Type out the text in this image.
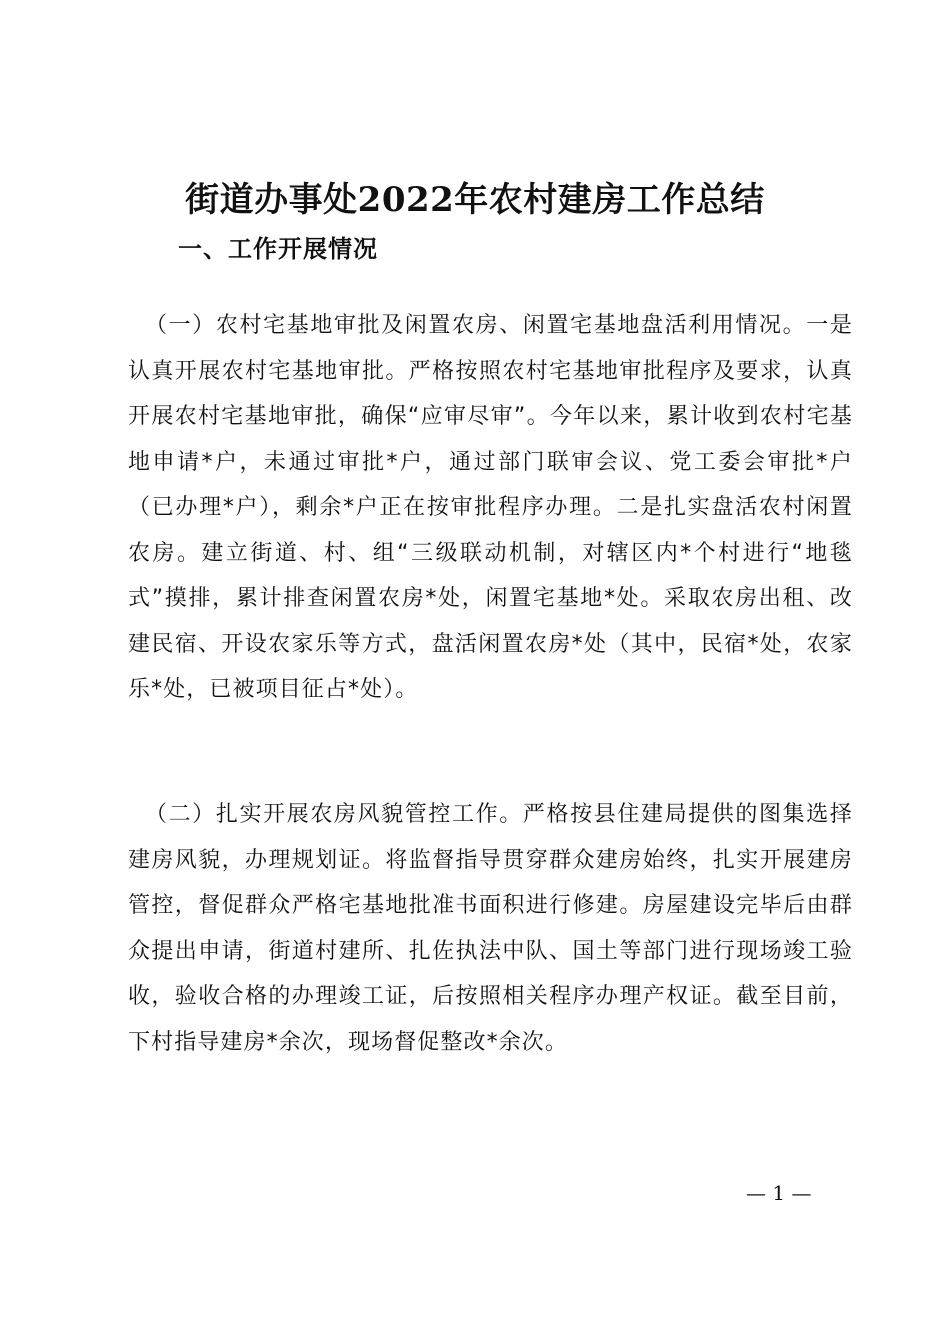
街道办事处2022年农村建房工作总结
一、工作开展情况

（一）农村宅基地审批及闲置农房、闲置宅基地盘活利用情况。一是认真开展农村宅基地审批。严格按照农村宅基地审批程序及要求，认真开展农村宅基地审批，确保“应审尽审”。今年以来，累计收到农村宅基地申请*户，未通过审批*户，通过部门联审会议、党工委会审批*户（已办理*户），剩余*户正在按审批程序办理。二是扎实盘活农村闲置农房。建立街道、村、组“三级联动机制，对辖区内*个村进行“地毯式”摸排，累计排查闲置农房*处，闲置宅基地*处。采取农房出租、改建民宿、开设农家乐等方式，盘活闲置农房*处（其中，民宿*处，农家乐*处，已被项目征占*处）。

（二）扎实开展农房风貌管控工作。严格按县住建局提供的图集选择建房风貌，办理规划证。将监督指导贯穿群众建房始终，扎实开展建房管控，督促群众严格宅基地批准书面积进行修建。房屋建设完毕后由群众提出申请，街道村建所、扎佐执法中队、国土等部门进行现场竣工验收，验收合格的办理竣工证，后按照相关程序办理产权证。截至目前，下村指导建房*余次，现场督促整改*余次。

— 1 —
